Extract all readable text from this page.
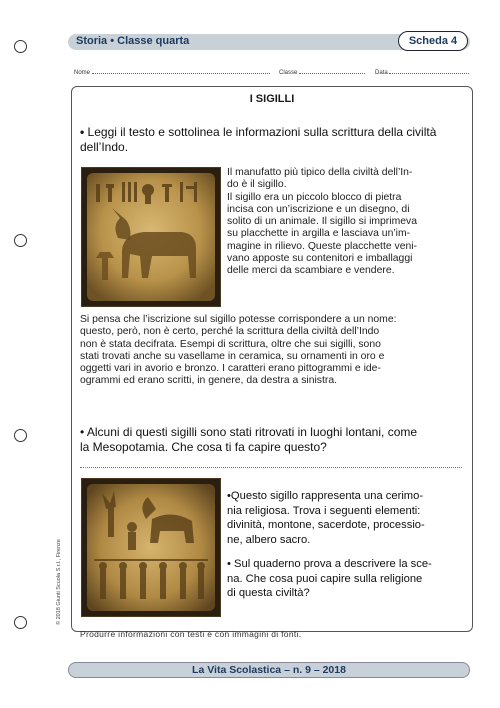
Storia • Classe quarta	Scheda 4
Nome	Classe	Data
I SIGILLI
• Leggi il testo e sottolinea le informazioni sulla scrittura della civiltà dell’Indo.
Il manufatto più tipico della civiltà dell’In-
do è il sigillo.
Il sigillo era un piccolo blocco di pietra
incisa con un’iscrizione e un disegno, di
solito di un animale. Il sigillo si imprimeva
su placchette in argilla e lasciava un’im-
magine in rilievo. Queste placchette veni-
vano apposte su contenitori e imballaggi
delle merci da scambiare e vendere.
Si pensa che l’iscrizione sul sigillo potesse corrispondere a un nome:
questo, però, non è certo, perché la scrittura della civiltà dell’Indo
non è stata decifrata. Esempi di scrittura, oltre che sui sigilli, sono
stati trovati anche su vasellame in ceramica, su ornamenti in oro e
oggetti vari in avorio e bronzo. I caratteri erano pittogrammi e ide-
ogrammi ed erano scritti, in genere, da destra a sinistra.
• Alcuni di questi sigilli sono stati ritrovati in luoghi lontani, come
la Mesopotamia. Che cosa ti fa capire questo?
•Questo sigillo rappresenta una cerimo-
nia religiosa. Trova i seguenti elementi:
divinità, montone, sacerdote, processio-
ne, albero sacro.
• Sul quaderno prova a descrivere la sce-
na. Che cosa puoi capire sulla religione
di questa civiltà?
Produrre informazioni con testi e con immagini di fonti.
© 2018 Giunti Scuola S.r.l., Firenze
La Vita Scolastica – n. 9 – 2018
